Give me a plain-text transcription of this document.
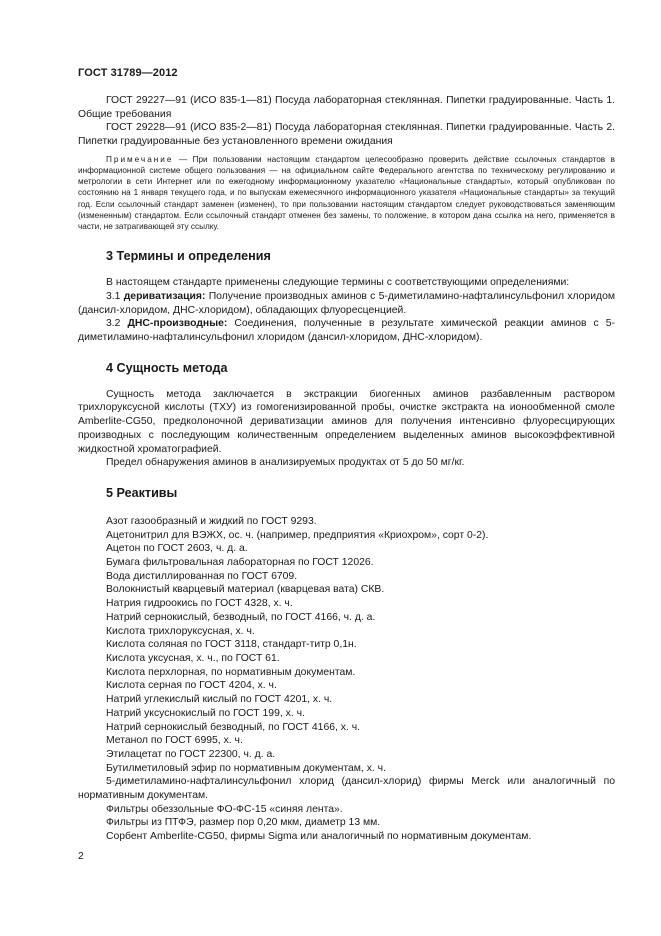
ГОСТ 31789—2012

ГОСТ 29227—91 (ИСО 835-1—81) Посуда лабораторная стеклянная. Пипетки градуированные. Часть 1. Общие требования

ГОСТ 29228—91 (ИСО 835-2—81) Посуда лабораторная стеклянная. Пипетки градуированные. Часть 2. Пипетки градуированные без установленного времени ожидания

Примечание — При пользовании настоящим стандартом целесообразно проверить действие ссылочных стандартов в информационной системе общего пользования — на официальном сайте Федерального агентства по техническому регулированию и метрологии в сети Интернет или по ежегодному информационному указателю «Национальные стандарты», который опубликован по состоянию на 1 января текущего года, и по выпускам ежемесячного информационного указателя «Национальные стандарты» за текущий год. Если ссылочный стандарт заменен (изменен), то при пользовании настоящим стандартом следует руководствоваться заменяющим (измененным) стандартом. Если ссылочный стандарт отменен без замены, то положение, в котором дана ссылка на него, применяется в части, не затрагивающей эту ссылку.

3 Термины и определения

В настоящем стандарте применены следующие термины с соответствующими определениями:

3.1 дериватизация: Получение производных аминов с 5-диметиламино-нафталинсульфонил хлоридом (дансил-хлоридом, ДНС-хлоридом), обладающих флуоресценцией.

3.2 ДНС-производные: Соединения, полученные в результате химической реакции аминов с 5-диметиламино-нафталинсульфонил хлоридом (дансил-хлоридом, ДНС-хлоридом).

4 Сущность метода

Сущность метода заключается в экстракции биогенных аминов разбавленным раствором трихлоруксусной кислоты (ТХУ) из гомогенизированной пробы, очистке экстракта на ионообменной смоле Amberlite-CG50, предколоночной дериватизации аминов для получения интенсивно флуоресцирующих производных с последующим количественным определением выделенных аминов высокоэффективной жидкостной хроматографией.

Предел обнаружения аминов в анализируемых продуктах от 5 до 50 мг/кг.

5 Реактивы

Азот газообразный и жидкий по ГОСТ 9293.

Ацетонитрил для ВЭЖХ, ос. ч. (например, предприятия «Криохром», сорт 0-2).

Ацетон по ГОСТ 2603, ч. д. а.

Бумага фильтровальная лабораторная по ГОСТ 12026.

Вода дистиллированная по ГОСТ 6709.

Волокнистый кварцевый материал (кварцевая вата) СКВ.

Натрия гидроокись по ГОСТ 4328, х. ч.

Натрий сернокислый, безводный, по ГОСТ 4166, ч. д. а.

Кислота трихлоруксусная, х. ч.

Кислота соляная по ГОСТ 3118, стандарт-титр 0,1н.

Кислота уксусная, х. ч., по ГОСТ 61.

Кислота перхлорная, по нормативным документам.

Кислота серная по ГОСТ 4204, х. ч.

Натрий углекислый кислый по ГОСТ 4201, х. ч.

Натрий уксуснокислый по ГОСТ 199, х. ч.

Натрий сернокислый безводный, по ГОСТ 4166, х. ч.

Метанол по ГОСТ 6995, х. ч.

Этилацетат по ГОСТ 22300, ч. д. а.

Бутилметиловый эфир по нормативным документам, х. ч.

5-диметиламино-нафталинсульфонил хлорид (дансил-хлорид) фирмы Merck или аналогичный по нормативным документам.

Фильтры обеззольные ФО-ФС-15 «синяя лента».

Фильтры из ПТФЭ, размер пор 0,20 мкм, диаметр 13 мм.

Сорбент Amberlite-CG50, фирмы Sigma или аналогичный по нормативным документам.

2
